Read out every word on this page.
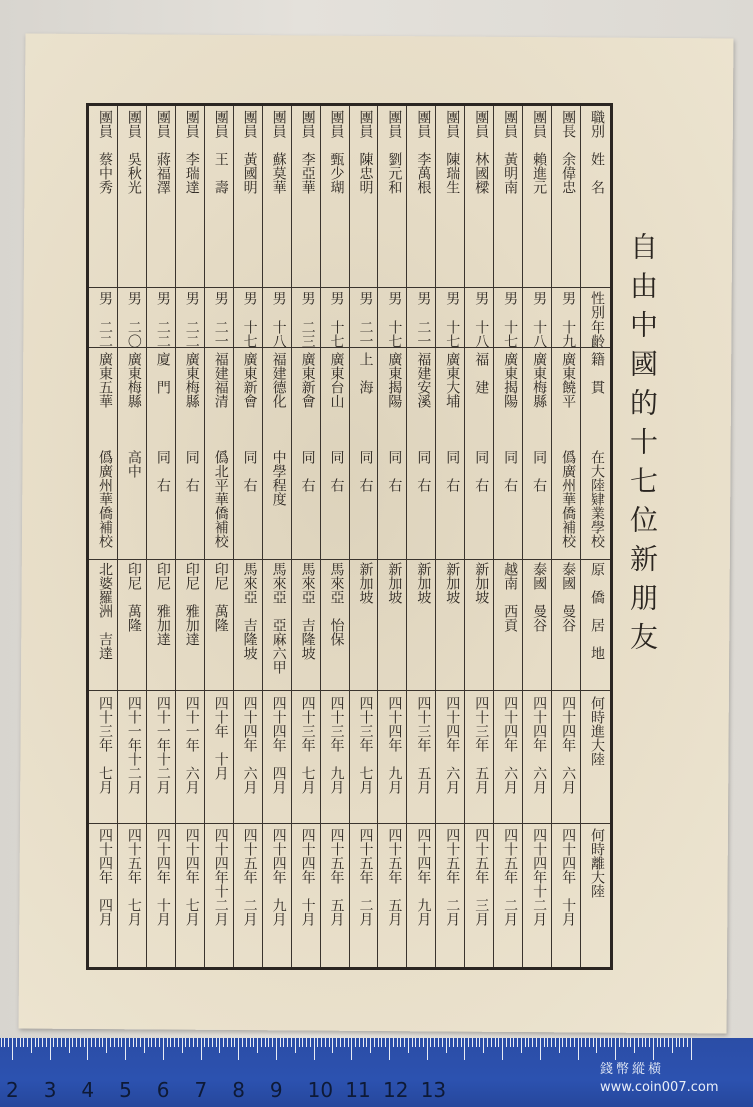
自由中國的十七位新朋友
職別
姓　名
性別
年齡
籍　貫
在大陸肄業學校
原　僑　居　地
何時進大陸
何時離大陸
團長
余偉忠
男
十九
廣東饒平
僞廣州華僑補校
泰國　曼谷
四十四年　六月
四十四年　十月
團員
賴進元
男
十八
廣東梅縣
同　右
泰國　曼谷
四十四年　六月
四十四年十二月
團員
黃明南
男
十七
廣東揭陽
同　右
越南　西貢
四十四年　六月
四十五年　二月
團員
林國樑
男
十八
福　建
同　右
新加坡
四十三年　五月
四十五年　三月
團員
陳瑞生
男
十七
廣東大埔
同　右
新加坡
四十四年　六月
四十五年　二月
團員
李萬根
男
二一
福建安溪
同　右
新加坡
四十三年　五月
四十四年　九月
團員
劉元和
男
十七
廣東揭陽
同　右
新加坡
四十四年　九月
四十五年　五月
團員
陳忠明
男
二一
上　海
同　右
新加坡
四十三年　七月
四十五年　二月
團員
甄少瑚
男
十七
廣東台山
同　右
馬來亞　怡保
四十三年　九月
四十五年　五月
團員
李亞華
男
二三
廣東新會
同　右
馬來亞　吉隆坡
四十三年　七月
四十四年　十月
團員
蘇莫華
男
十八
福建德化
中學程度
馬來亞　亞麻六甲
四十四年　四月
四十四年　九月
團員
黃國明
男
十七
廣東新會
同　右
馬來亞　吉隆坡
四十四年　六月
四十五年　二月
團員
王　壽
男
二一
福建福清
僞北平華僑補校
印尼　萬隆
四十年　十月
四十四年十二月
團員
李瑞達
男
二二
廣東梅縣
同　右
印尼　雅加達
四十一年　六月
四十四年　七月
團員
蔣福澤
男
二二
廈　門
同　右
印尼　雅加達
四十一年十二月
四十四年　十月
團員
吳秋光
男
二〇
廣東梅縣
高中
印尼　萬隆
四十一年十二月
四十五年　七月
團員
蔡中秀
男
二二
廣東五華
僞廣州華僑補校
北婆羅洲　吉達
四十三年　七月
四十四年　四月
2 3 4 5 6 7 8 9 10 11 12 13
錢幣縱橫
www.coin007.com
